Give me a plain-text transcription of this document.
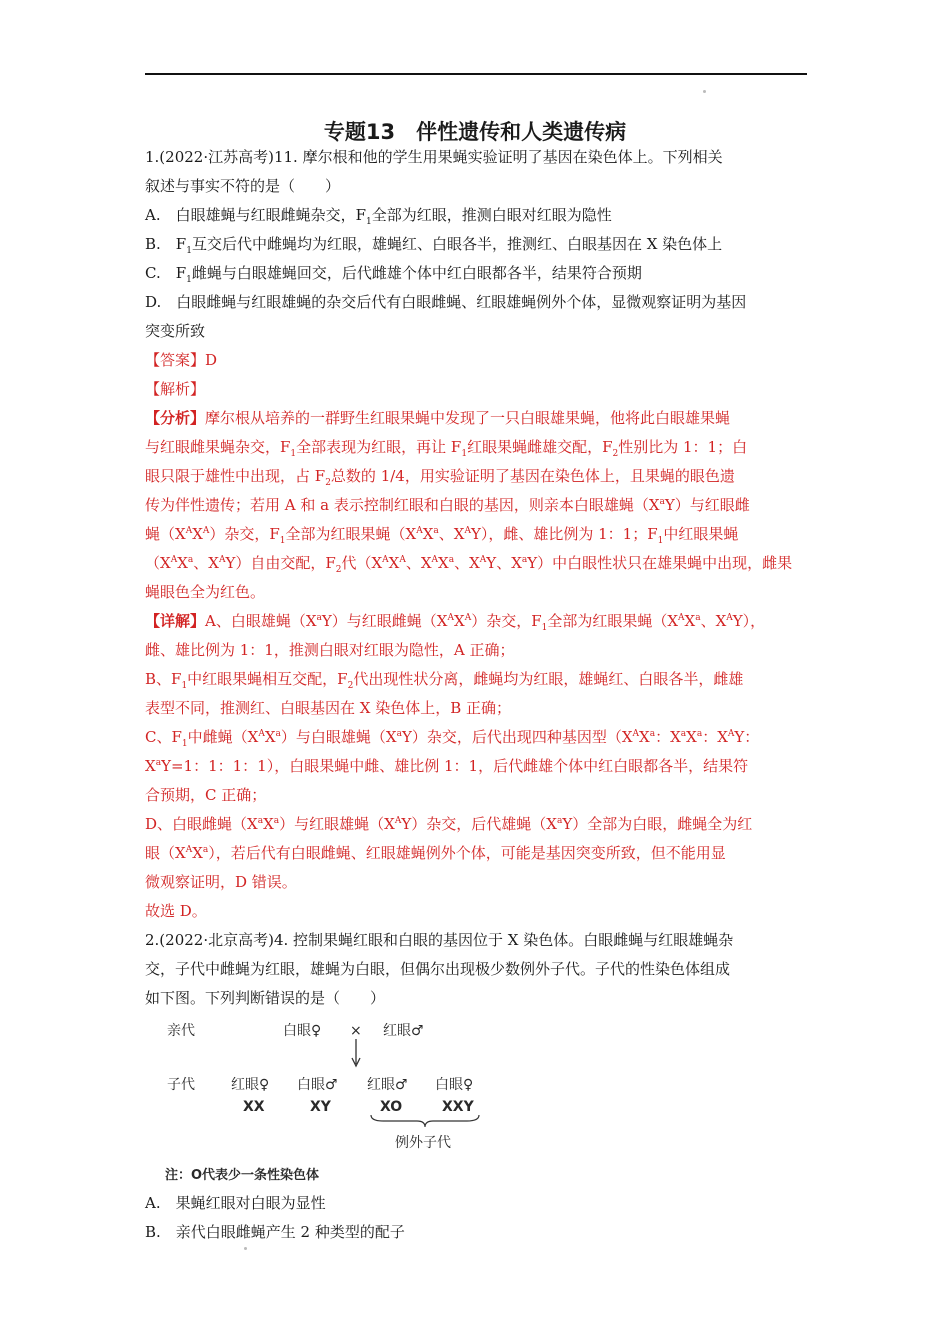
专题13　伴性遗传和人类遗传病

1.(2022·江苏高考)11. 摩尔根和他的学生用果蝇实验证明了基因在染色体上。下列相关

叙述与事实不符的是（　　）

A.　白眼雄蝇与红眼雌蝇杂交，$F_1$全部为红眼，推测白眼对红眼为隐性

B.　$F_1$互交后代中雌蝇均为红眼，雄蝇红、白眼各半，推测红、白眼基因在 X 染色体上

C.　$F_1$雌蝇与白眼雄蝇回交，后代雌雄个体中红白眼都各半，结果符合预期

D.　白眼雌蝇与红眼雄蝇的杂交后代有白眼雌蝇、红眼雄蝇例外个体，显微观察证明为基因

突变所致

【答案】D

【解析】

【分析】摩尔根从培养的一群野生红眼果蝇中发现了一只白眼雄果蝇，他将此白眼雄果蝇

与红眼雌果蝇杂交，$F_1$全部表现为红眼，再让 $F_1$红眼果蝇雌雄交配，$F_2$性别比为 1：1；白

眼只限于雄性中出现，占 $F_2$总数的 1/4，用实验证明了基因在染色体上，且果蝇的眼色遗

传为伴性遗传；若用 A 和 a 表示控制红眼和白眼的基因，则亲本白眼雄蝇$(X^aY)$与红眼雌

蝇$(X^AX^A)$杂交，$F_1$全部为红眼果蝇（$X^AX^a$、$X^AY$），雌、雄比例为 1：1；$F_1$中红眼果蝇

（$X^AX^a$、$X^AY$）自由交配，$F_2$代（$X^AX^A$、$X^AX^a$、$X^AY$、$X^aY$）中白眼性状只在雄果蝇中出现，雌果

蝇眼色全为红色。

【详解】A、白眼雄蝇$(X^aY)$与红眼雌蝇$(X^AX^A)$杂交，$F_1$全部为红眼果蝇（$X^AX^a$、$X^AY$），

雌、雄比例为 1：1，推测白眼对红眼为隐性，A 正确；

B、$F_1$中红眼果蝇相互交配，$F_2$代出现性状分离，雌蝇均为红眼，雄蝇红、白眼各半，雌雄

表型不同，推测红、白眼基因在 X 染色体上，B 正确；

C、$F_1$中雌蝇$(X^AX^a)$与白眼雄蝇$(X^aY)$杂交，后代出现四种基因型（$X^AX^a$：$X^aX^a$：$X^AY$：

$X^aY=1$：1：1：1），白眼果蝇中雌、雄比例 1：1，后代雌雄个体中红白眼都各半，结果符

合预期，C 正确；

D、白眼雌蝇$(X^aX^a)$与红眼雄蝇$(X^AY)$杂交，后代雄蝇$(X^aY)$全部为白眼，雌蝇全为红

眼$(X^AX^a)$，若后代有白眼雌蝇、红眼雄蝇例外个体，可能是基因突变所致，但不能用显

微观察证明，D 错误。

故选 D。

2.(2022·北京高考)4. 控制果蝇红眼和白眼的基因位于 X 染色体。白眼雌蝇与红眼雄蝇杂

交，子代中雌蝇为红眼，雄蝇为白眼，但偶尔出现极少数例外子代。子代的性染色体组成

如下图。下列判断错误的是（　　）

亲代	白眼♀ × 红眼♂
子代	红眼♀
XX
白眼♂
XY
红眼♂
XO
白眼♀
XXY
例外子代
注：O代表少一条性染色体

A.　果蝇红眼对白眼为显性

B.　亲代白眼雌蝇产生 2 种类型的配子
